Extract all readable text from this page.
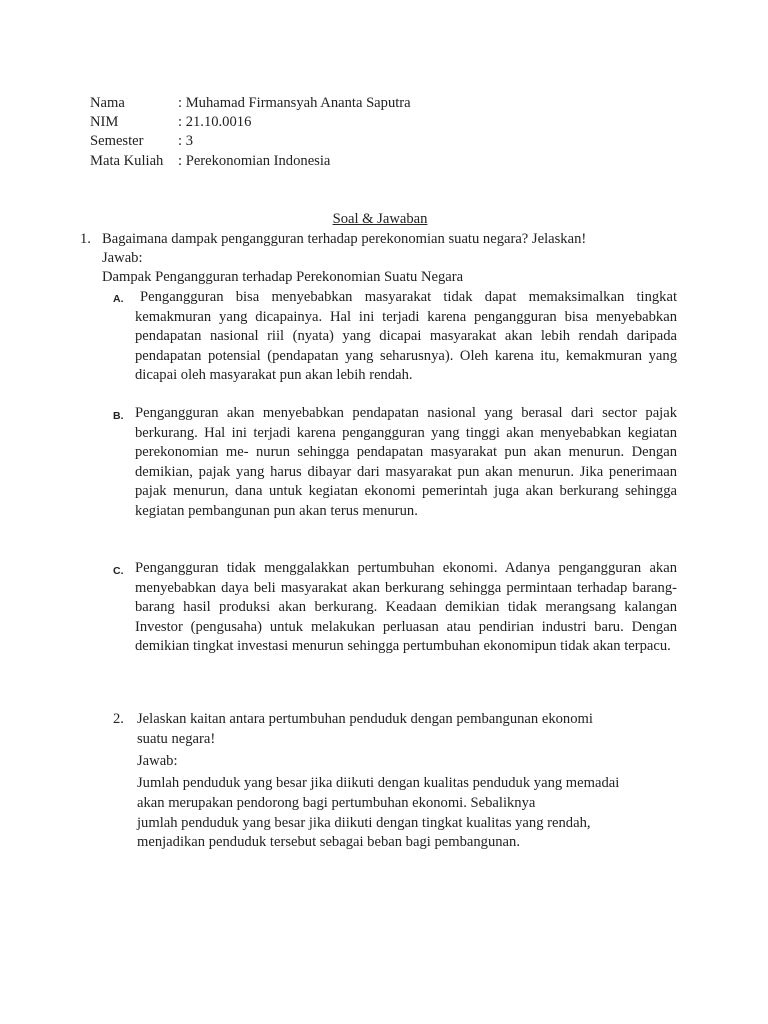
Nama	: Muhamad Firmansyah Ananta Saputra
NIM	: 21.10.0016
Semester : 3
Mata Kuliah : Perekonomian Indonesia
Soal & Jawaban
1. Bagaimana dampak pengangguran terhadap perekonomian suatu negara? Jelaskan!
Jawab:
Dampak Pengangguran terhadap Perekonomian Suatu Negara
A.	Pengangguran bisa menyebabkan masyarakat tidak dapat memaksimalkan tingkat kemakmuran yang dicapainya. Hal ini terjadi karena pengangguran bisa menyebabkan pendapatan nasional riil (nyata) yang dicapai masyarakat akan lebih rendah daripada pendapatan potensial (pendapatan yang seharusnya). Oleh karena itu, kemakmuran yang dicapai oleh masyarakat pun akan lebih rendah.
B. Pengangguran akan menyebabkan pendapatan nasional yang berasal dari sector pajak berkurang. Hal ini terjadi karena pengangguran yang tinggi akan menyebabkan kegiatan perekonomian me- nurun sehingga pendapatan masyarakat pun akan menurun. Dengan demikian, pajak yang harus dibayar dari masyarakat pun akan menurun. Jika penerimaan pajak menurun, dana untuk kegiatan ekonomi pemerintah juga akan berkurang sehingga kegiatan pembangunan pun akan terus menurun.
C. Pengangguran tidak menggalakkan pertumbuhan ekonomi. Adanya pengangguran akan menyebabkan daya beli masyarakat akan berkurang sehingga permintaan terhadap barang-barang hasil produksi akan berkurang. Keadaan demikian tidak merangsang kalangan Investor (pengusaha) untuk melakukan perluasan atau pendirian industri baru. Dengan demikian tingkat investasi menurun sehingga pertumbuhan ekonomipun tidak akan terpacu.
2. Jelaskan kaitan antara pertumbuhan penduduk dengan pembangunan ekonomi
suatu negara!
Jawab:
Jumlah penduduk yang besar jika diikuti dengan kualitas penduduk yang memadai
akan merupakan pendorong bagi pertumbuhan ekonomi. Sebaliknya
jumlah penduduk yang besar jika diikuti dengan tingkat kualitas yang rendah,
menjadikan penduduk tersebut sebagai beban bagi pembangunan.
